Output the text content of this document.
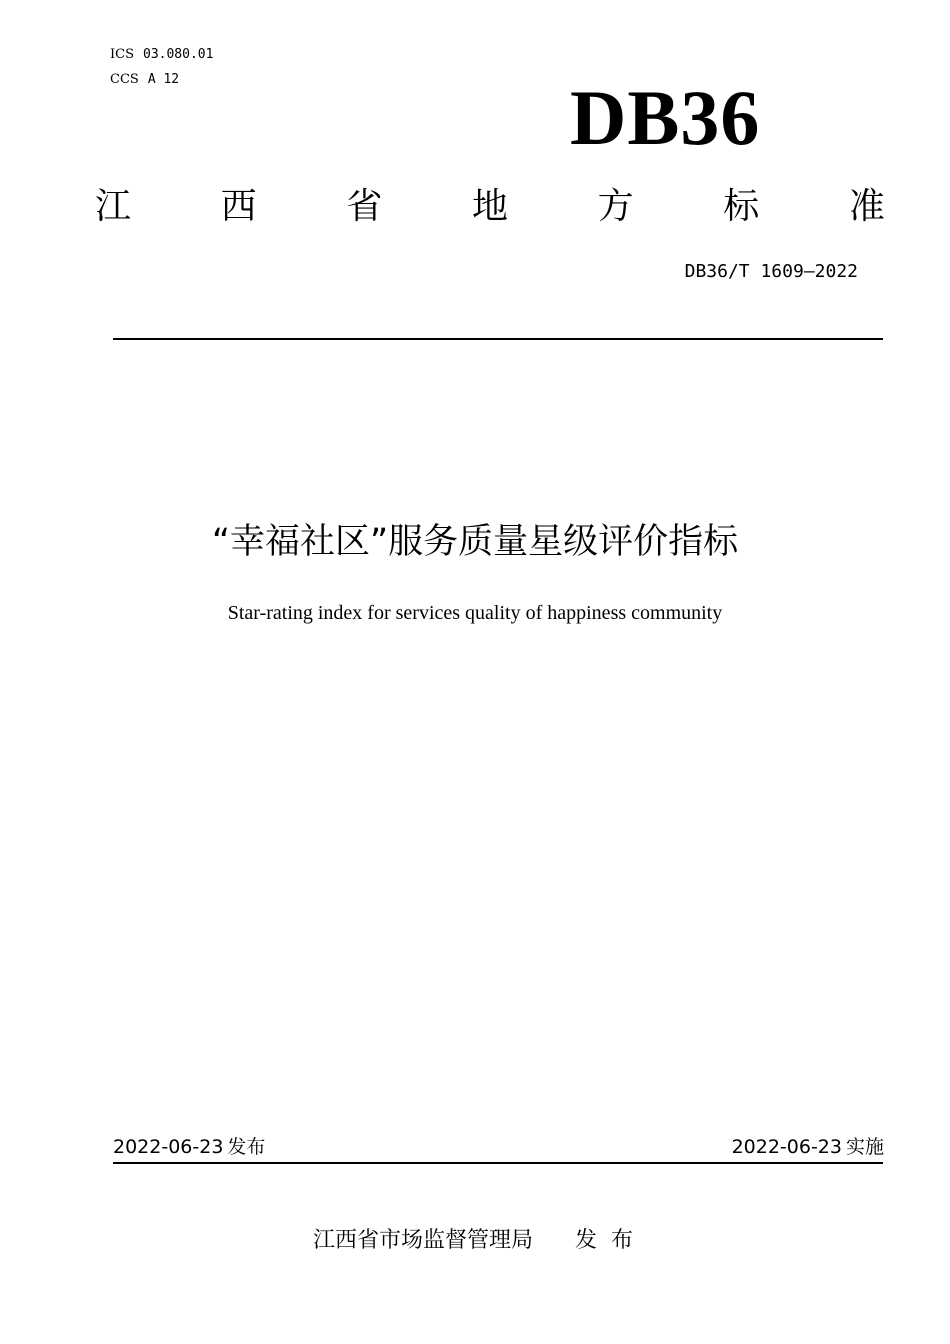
ICS 03.080.01
CCS A 12	DB36
江 西 省 地 方 标 准
DB36/T 1609—2022
“幸福社区”服务质量星级评价指标
Star-rating index for services quality of happiness community
2022-06-23 发布	2022-06-23 实施
江西省市场监督管理局 发布
